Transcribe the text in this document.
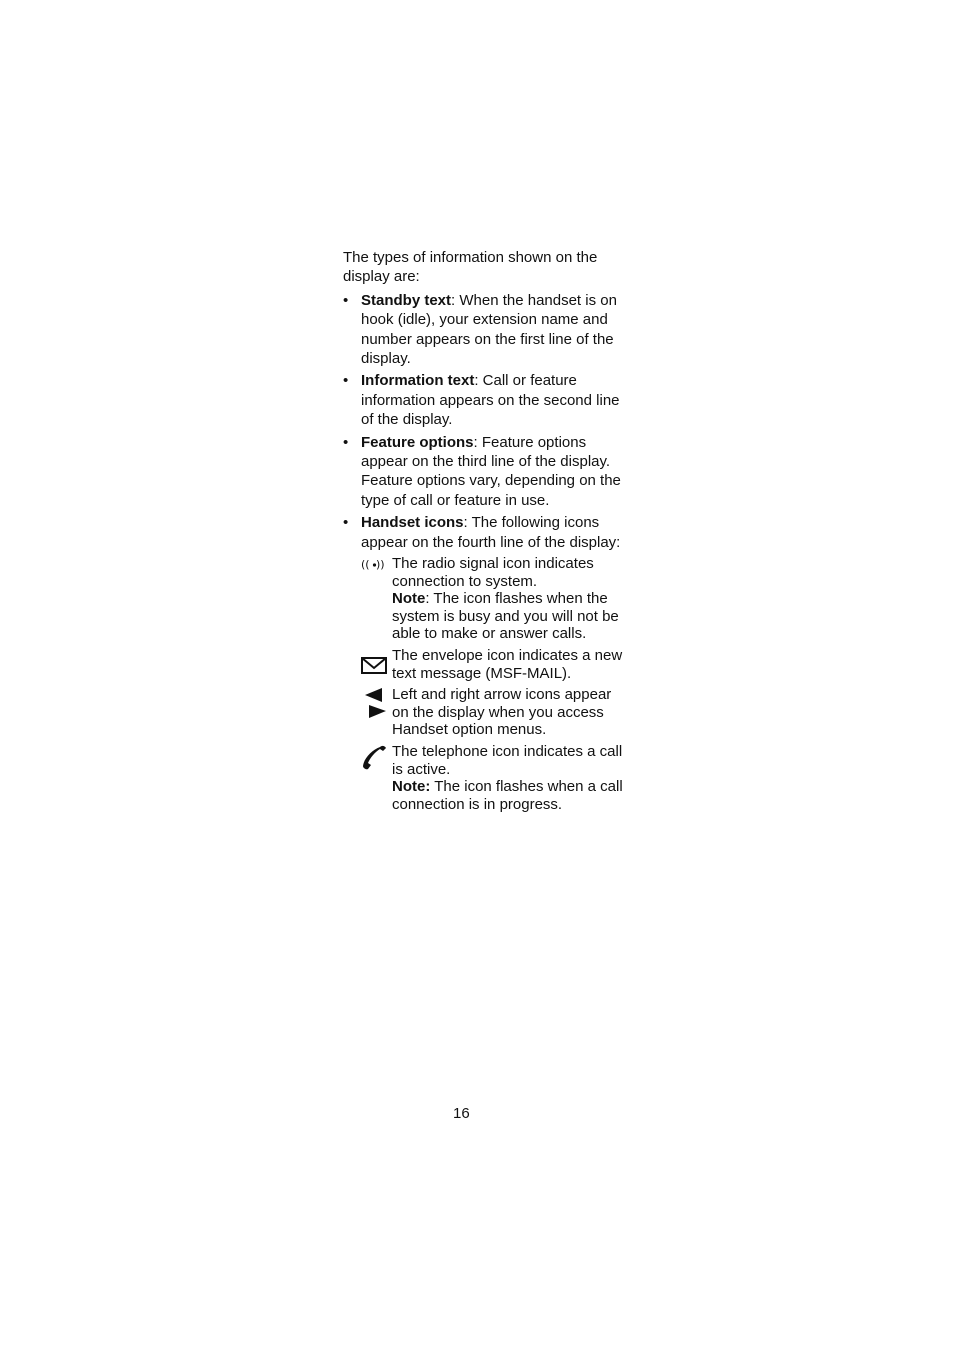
The types of information shown on the display are:

• Standby text: When the handset is on hook (idle), your extension name and number appears on the first line of the display.
• Information text: Call or feature information appears on the second line of the display.
• Feature options: Feature options appear on the third line of the display.
Feature options vary, depending on the type of call or feature in use.
• Handset icons: The following icons appear on the fourth line of the display:
(( )) The radio signal icon indicates connection to system.
Note: The icon flashes when the system is busy and you will not be able to make or answer calls.
The envelope icon indicates a new text message (MSF-MAIL).
Left and right arrow icons appear on the display when you access Handset option menus.
The telephone icon indicates a call is active.
Note: The icon flashes when a call connection is in progress.
16
